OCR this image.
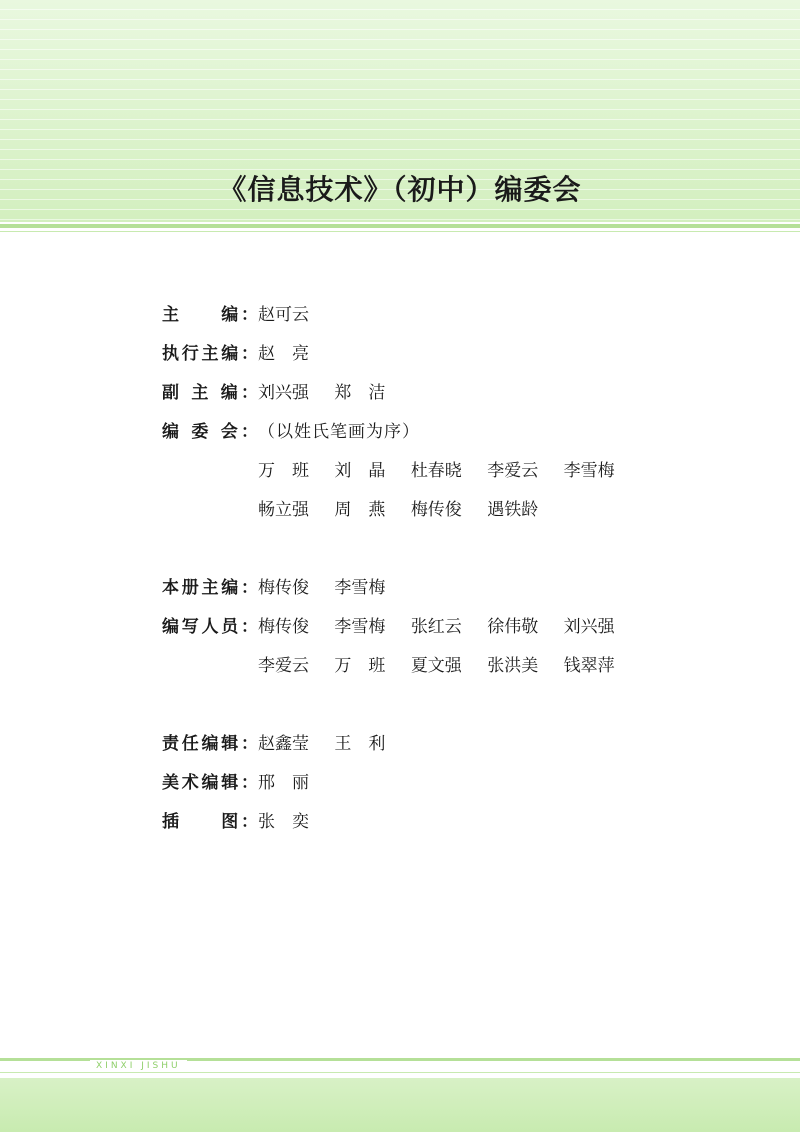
《信息技术》（初中）编委会
主　　编： 赵可云
执行主编： 赵　亮
副 主 编： 刘兴强 郑　洁
编 委 会： （以姓氏笔画为序）
万　班 刘　晶 杜春晓 李爱云 李雪梅
畅立强 周　燕 梅传俊 遇铁龄
本册主编： 梅传俊 李雪梅
编写人员： 梅传俊 李雪梅 张红云 徐伟敬 刘兴强
李爱云 万　班 夏文强 张洪美 钱翠萍
责任编辑： 赵鑫莹 王　利
美术编辑： 邢　丽
插　　图： 张　奕
XINXI JISHU
